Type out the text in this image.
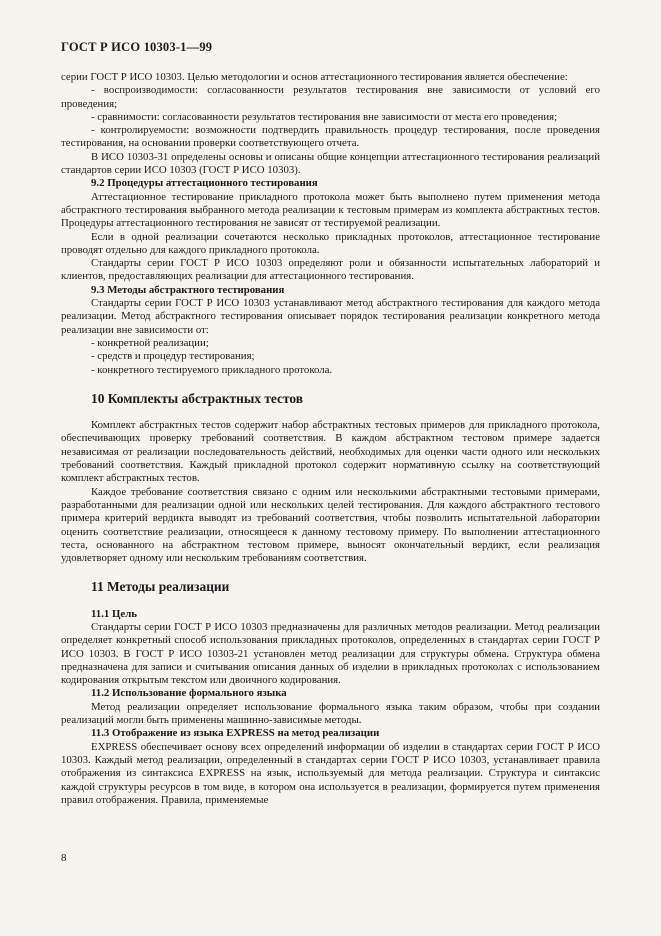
ГОСТ Р ИСО 10303-1—99

серии ГОСТ Р ИСО 10303. Целью методологии и основ аттестационного тестирования является обеспечение:

- воспроизводимости: согласованности результатов тестирования вне зависимости от условий его проведения;

- сравнимости: согласованности результатов тестирования вне зависимости от места его проведения;

- контролируемости: возможности подтвердить правильность процедур тестирования, после проведения тестирования, на основании проверки соответствующего отчета.

В ИСО 10303-31 определены основы и описаны общие концепции аттестационного тестирования реализаций стандартов серии ИСО 10303 (ГОСТ Р ИСО 10303).

9.2 Процедуры аттестационного тестирования

Аттестационное тестирование прикладного протокола может быть выполнено путем применения метода абстрактного тестирования выбранного метода реализации к тестовым примерам из комплекта абстрактных тестов. Процедуры аттестационного тестирования не зависят от тестируемой реализации.

Если в одной реализации сочетаются несколько прикладных протоколов, аттестационное тестирование проводят отдельно для каждого прикладного протокола.

Стандарты серии ГОСТ Р ИСО 10303 определяют роли и обязанности испытательных лабораторий и клиентов, предоставляющих реализации для аттестационного тестирования.

9.3 Методы абстрактного тестирования

Стандарты серии ГОСТ Р ИСО 10303 устанавливают метод абстрактного тестирования для каждого метода реализации. Метод абстрактного тестирования описывает порядок тестирования реализации конкретного метода реализации вне зависимости от:

- конкретной реализации;

- средств и процедур тестирования;

- конкретного тестируемого прикладного протокола.

10 Комплекты абстрактных тестов

Комплект абстрактных тестов содержит набор абстрактных тестовых примеров для прикладного протокола, обеспечивающих проверку требований соответствия. В каждом абстрактном тестовом примере задается независимая от реализации последовательность действий, необходимых для оценки части одного или нескольких требований соответствия. Каждый прикладной протокол содержит нормативную ссылку на соответствующий комплект абстрактных тестов.

Каждое требование соответствия связано с одним или несколькими абстрактными тестовыми примерами, разработанными для реализации одной или нескольких целей тестирования. Для каждого абстрактного тестового примера критерий вердикта выводят из требований соответствия, чтобы позволить испытательной лаборатории оценить соответствие реализации, относящееся к данному тестовому примеру. По выполнении аттестационного теста, основанного на абстрактном тестовом примере, выносят окончательный вердикт, если реализация удовлетворяет одному или нескольким требованиям соответствия.

11 Методы реализации
11.1 Цель

Стандарты серии ГОСТ Р ИСО 10303 предназначены для различных методов реализации. Метод реализации определяет конкретный способ использования прикладных протоколов, определенных в стандартах серии ГОСТ Р ИСО 10303. В ГОСТ Р ИСО 10303-21 установлен метод реализации для структуры обмена. Структура обмена предназначена для записи и считывания описания данных об изделии в прикладных протоколах с использованием кодирования открытым текстом или двоичного кодирования.

11.2 Использование формального языка

Метод реализации определяет использование формального языка таким образом, чтобы при создании реализаций могли быть применены машинно-зависимые методы.

11.3 Отображение из языка EXPRESS на метод реализации

EXPRESS обеспечивает основу всех определений информации об изделии в стандартах серии ГОСТ Р ИСО 10303. Каждый метод реализации, определенный в стандартах серии ГОСТ Р ИСО 10303, устанавливает правила отображения из синтаксиса EXPRESS на язык, используемый для метода реализации. Структура и синтаксис каждой структуры ресурсов в том виде, в котором она используется в реализации, формируется путем применения правил отображения. Правила, применяемые

8
